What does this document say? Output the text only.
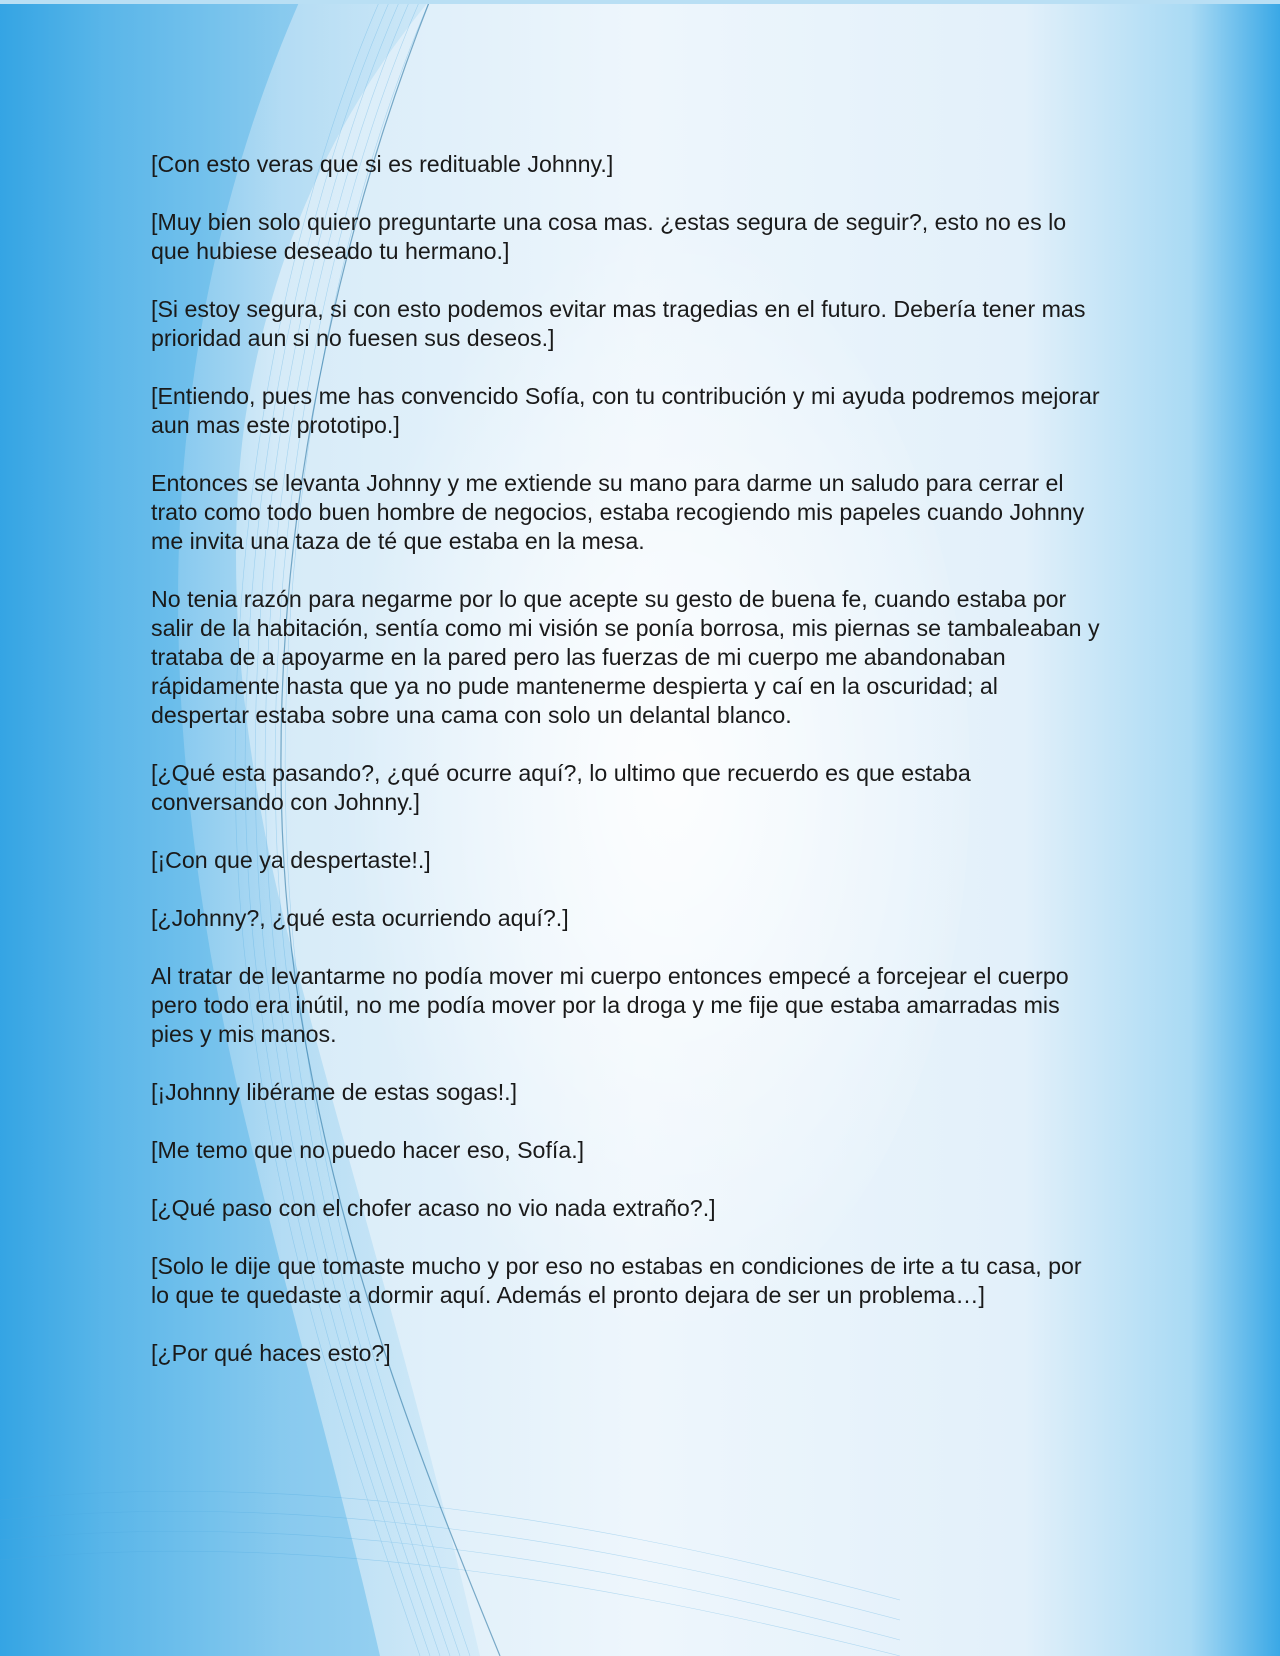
[Con esto veras que si es redituable Johnny.]

[Muy bien solo quiero preguntarte una cosa mas. ¿estas segura de seguir?, esto no es lo que hubiese deseado tu hermano.]

[Si estoy segura, si con esto podemos evitar mas tragedias en el futuro. Debería tener mas prioridad aun si no fuesen sus deseos.]

[Entiendo, pues me has convencido Sofía, con tu contribución y mi ayuda podremos mejorar aun mas este prototipo.]

Entonces se levanta Johnny y me extiende su mano para darme un saludo para cerrar el trato como todo buen hombre de negocios, estaba recogiendo mis papeles cuando Johnny me invita una taza de té que estaba en la mesa.

No tenia razón para negarme por lo que acepte su gesto de buena fe, cuando estaba por salir de la habitación, sentía como mi visión se ponía borrosa, mis piernas se tambaleaban y trataba de a apoyarme en la pared pero las fuerzas de mi cuerpo me abandonaban rápidamente hasta que ya no pude mantenerme despierta y caí en la oscuridad; al despertar estaba sobre una cama con solo un delantal blanco.

[¿Qué esta pasando?, ¿qué ocurre aquí?, lo ultimo que recuerdo es que estaba conversando con Johnny.]

[¡Con que ya despertaste!.]

[¿Johnny?, ¿qué esta ocurriendo aquí?.]

Al tratar de levantarme no podía mover mi cuerpo entonces empecé a forcejear el cuerpo pero todo era inútil, no me podía mover por la droga y me fije que estaba amarradas mis pies y mis manos.

[¡Johnny libérame de estas sogas!.]

[Me temo que no puedo hacer eso, Sofía.]

[¿Qué paso con el chofer acaso no vio nada extraño?.]

[Solo le dije que tomaste mucho y por eso no estabas en condiciones de irte a tu casa, por lo que te quedaste a dormir aquí. Además el pronto dejara de ser un problema…]

[¿Por qué haces esto?]
